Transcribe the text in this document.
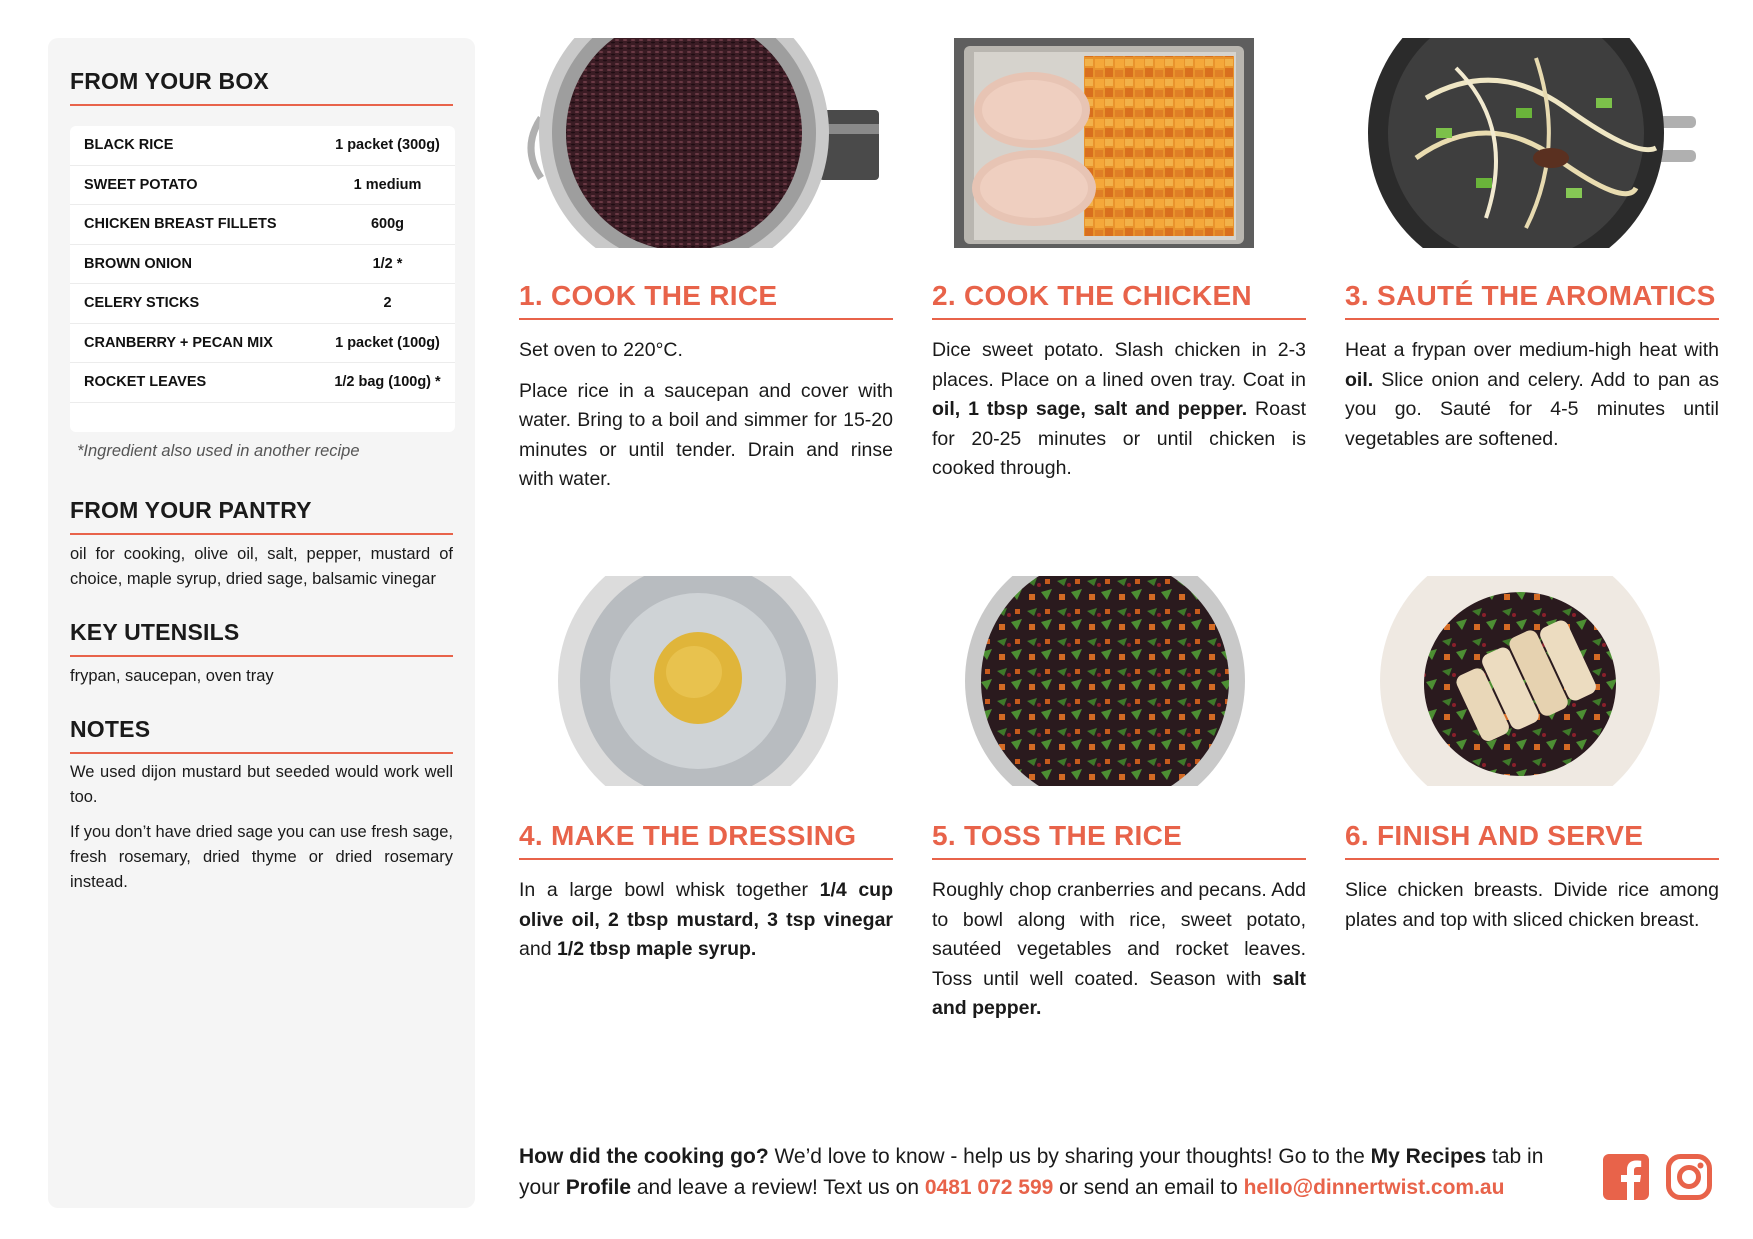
FROM YOUR BOX
BLACK RICE	1 packet (300g)
SWEET POTATO	1 medium
CHICKEN BREAST FILLETS	600g
BROWN ONION	1/2 *
CELERY STICKS	2
CRANBERRY + PECAN MIX	1 packet (100g)
ROCKET LEAVES	1/2 bag (100g) *
*Ingredient also used in another recipe
FROM YOUR PANTRY
oil for cooking, olive oil, salt, pepper, mustard of choice, maple syrup, dried sage, balsamic vinegar
KEY UTENSILS
frypan, saucepan, oven tray
NOTES

We used dijon mustard but seeded would work well too.

If you don’t have dried sage you can use fresh sage, fresh rosemary, dried thyme or dried rosemary instead.

1. COOK THE RICE

Set oven to 220°C.

Place rice in a saucepan and cover with water. Bring to a boil and simmer for 15-20 minutes or until tender. Drain and rinse with water.

2. COOK THE CHICKEN
Dice sweet potato. Slash chicken in 2-3 places. Place on a lined oven tray. Coat in oil, 1 tbsp sage, salt and pepper. Roast for 20-25 minutes or until chicken is cooked through.
3. SAUTÉ THE AROMATICS
Heat a frypan over medium-high heat with oil. Slice onion and celery. Add to pan as you go. Sauté for 4-5 minutes until vegetables are softened.
4. MAKE THE DRESSING
In a large bowl whisk together 1/4 cup olive oil, 2 tbsp mustard, 3 tsp vinegar and 1/2 tbsp maple syrup.
5. TOSS THE RICE
Roughly chop cranberries and pecans. Add to bowl along with rice, sweet potato, sautéed vegetables and rocket leaves. Toss until well coated. Season with salt and pepper.
6. FINISH AND SERVE
Slice chicken breasts. Divide rice among plates and top with sliced chicken breast.
How did the cooking go? We’d love to know - help us by sharing your thoughts! Go to the My Recipes tab in your Profile and leave a review! Text us on 0481 072 599 or send an email to hello@dinnertwist.com.au
